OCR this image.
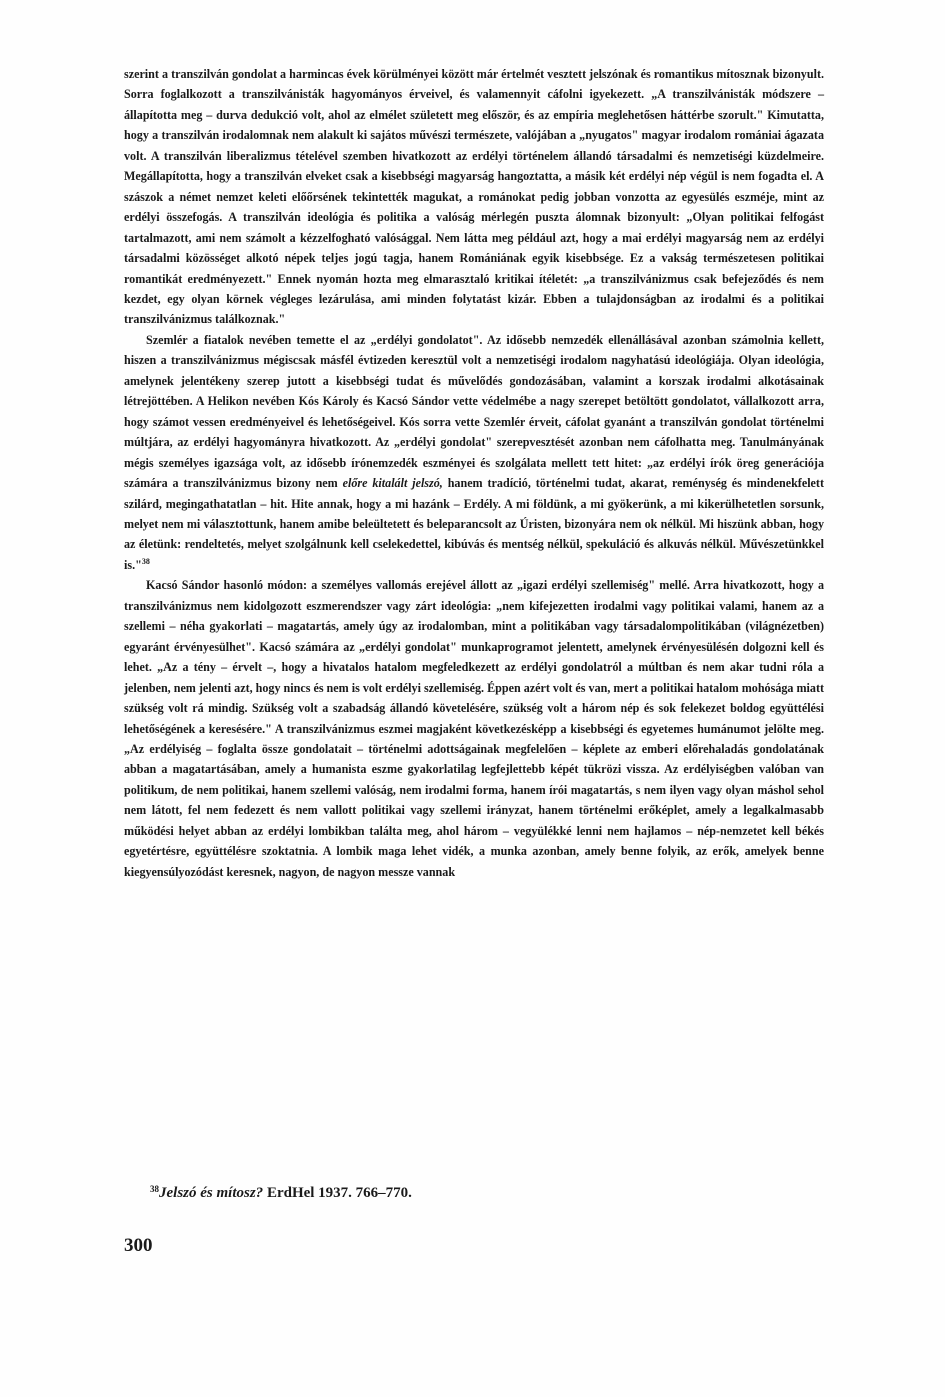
szerint a transzilván gondolat a harmincas évek körülményei között már értelmét vesztett jelszónak és romantikus mítosznak bizonyult. Sorra foglalkozott a transzilvánisták hagyományos érveivel, és valamennyit cáfolni igyekezett. „A transzilvánisták módszere – állapította meg – durva dedukció volt, ahol az elmélet született meg először, és az empíria meglehetősen háttérbe szorult." Kimutatta, hogy a transzilván irodalomnak nem alakult ki sajátos művészi természete, valójában a „nyugatos" magyar irodalom romániai ágazata volt. A transzilván liberalizmus tételével szemben hivatkozott az erdélyi történelem állandó társadalmi és nemzetiségi küzdelmeire. Megállapította, hogy a transzilván elveket csak a kisebbségi magyarság hangoztatta, a másik két erdélyi nép végül is nem fogadta el. A szászok a német nemzet keleti előőrsének tekintették magukat, a románokat pedig jobban vonzotta az egyesülés eszméje, mint az erdélyi összefogás. A transzilván ideológia és politika a valóság mérlegén puszta álomnak bizonyult: „Olyan politikai felfogást tartalmazott, ami nem számolt a kézzelfogható valósággal. Nem látta meg például azt, hogy a mai erdélyi magyarság nem az erdélyi társadalmi közösséget alkotó népek teljes jogú tagja, hanem Romániának egyik kisebbsége. Ez a vakság természetesen politikai romantikát eredményezett." Ennek nyomán hozta meg elmarasztaló kritikai ítéletét: „a transzilvánizmus csak befejeződés és nem kezdet, egy olyan körnek végleges lezárulása, ami minden folytatást kizár. Ebben a tulajdonságban az irodalmi és a politikai transzilvánizmus találkoznak."

Szemlér a fiatalok nevében temette el az „erdélyi gondolatot". Az idősebb nemzedék ellenállásával azonban számolnia kellett, hiszen a transzilvánizmus mégiscsak másfél évtizeden keresztül volt a nemzetiségi irodalom nagyhatású ideológiája. Olyan ideológia, amelynek jelentékeny szerep jutott a kisebbségi tudat és művelődés gondozásában, valamint a korszak irodalmi alkotásainak létrejöttében. A Helikon nevében Kós Károly és Kacsó Sándor vette védelmébe a nagy szerepet betöltött gondolatot, vállalkozott arra, hogy számot vessen eredményeivel és lehetőségeivel. Kós sorra vette Szemlér érveit, cáfolat gyanánt a transzilván gondolat történelmi múltjára, az erdélyi hagyományra hivatkozott. Az „erdélyi gondolat" szerepvesztését azonban nem cáfolhatta meg. Tanulmányának mégis személyes igazsága volt, az idősebb írónemzedék eszményei és szolgálata mellett tett hitet: „az erdélyi írók öreg generációja számára a transzilvánizmus bizony nem előre kitalált jelszó, hanem tradíció, történelmi tudat, akarat, reménység és mindenekfelett szilárd, megingathatatlan – hit. Hite annak, hogy a mi hazánk – Erdély. A mi földünk, a mi gyökerünk, a mi kikerülhetetlen sorsunk, melyet nem mi választottunk, hanem amibe beleültetett és beleparancsolt az Úristen, bizonyára nem ok nélkül. Mi hiszünk abban, hogy az életünk: rendeltetés, melyet szolgálnunk kell cselekedettel, kibúvás és mentség nélkül, spekuláció és alkuvás nélkül. Művészetünkkel is."$^{38}$

Kacsó Sándor hasonló módon: a személyes vallomás erejével állott az „igazi erdélyi szellemiség" mellé. Arra hivatkozott, hogy a transzilvánizmus nem kidolgozott eszmerendszer vagy zárt ideológia: „nem kifejezetten irodalmi vagy politikai valami, hanem az a szellemi – néha gyakorlati – magatartás, amely úgy az irodalomban, mint a politikában vagy társadalompolitikában (világnézetben) egyaránt érvényesülhet". Kacsó számára az „erdélyi gondolat" munkaprogramot jelentett, amelynek érvényesülésén dolgozni kell és lehet. „Az a tény – érvelt –, hogy a hivatalos hatalom megfeledkezett az erdélyi gondolatról a múltban és nem akar tudni róla a jelenben, nem jelenti azt, hogy nincs és nem is volt erdélyi szellemiség. Éppen azért volt és van, mert a politikai hatalom mohósága miatt szükség volt rá mindig. Szükség volt a szabadság állandó követelésére, szükség volt a három nép és sok felekezet boldog együttélési lehetőségének a keresésére." A transzilvánizmus eszmei magjaként következésképp a kisebbségi és egyetemes humánumot jelölte meg. „Az erdélyiség – foglalta össze gondolatait – történelmi adottságainak megfelelően – képlete az emberi előrehaladás gondolatának abban a magatartásában, amely a humanista eszme gyakorlatilag legfejlettebb képét tükrözi vissza. Az erdélyiségben valóban van politikum, de nem politikai, hanem szellemi valóság, nem irodalmi forma, hanem írói magatartás, s nem ilyen vagy olyan máshol sehol nem látott, fel nem fedezett és nem vallott politikai vagy szellemi irányzat, hanem történelmi erőképlet, amely a legalkalmasabb működési helyet abban az erdélyi lombikban találta meg, ahol három – vegyülékké lenni nem hajlamos – nép-nemzetet kell békés egyetértésre, együttélésre szoktatnia. A lombik maga lehet vidék, a munka azonban, amely benne folyik, az erők, amelyek benne kiegyensúlyozódást keresnek, nagyon, de nagyon messze vannak

$^{38}$Jelszó és mítosz? ErdHel 1937. 766–770.
300
